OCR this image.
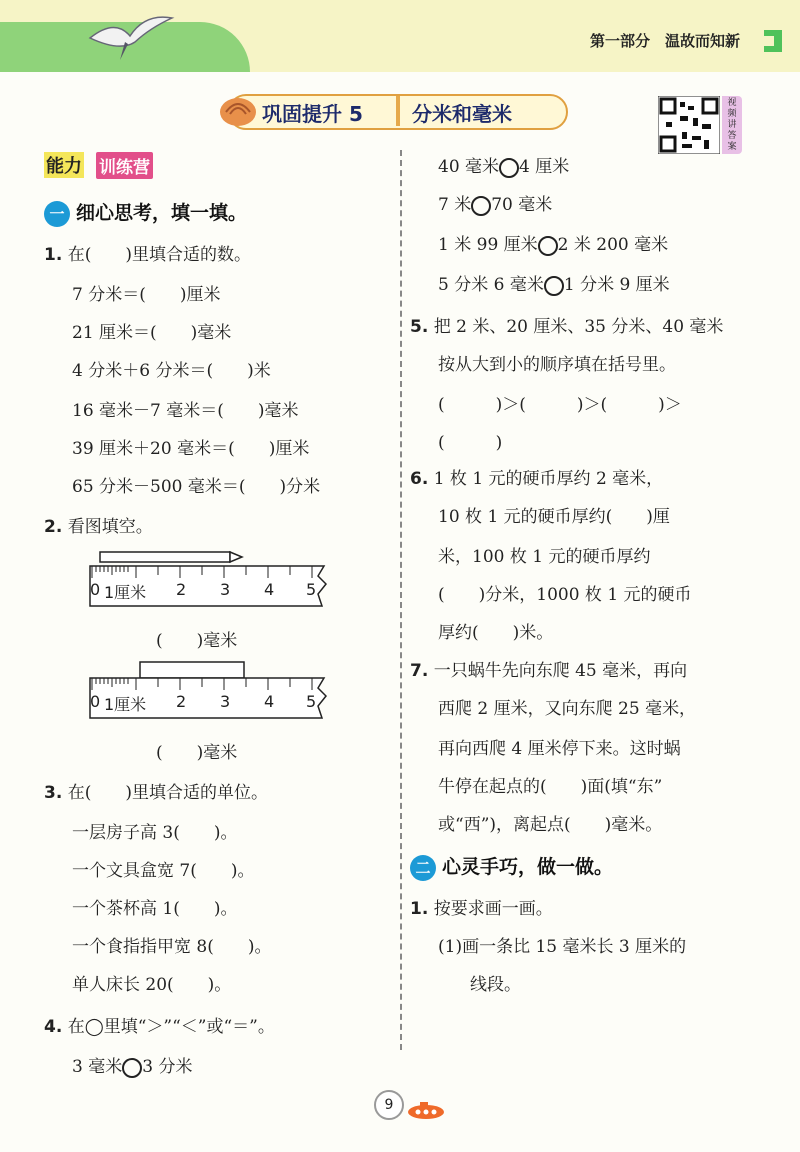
第一部分　温故而知新
巩固提升 5 分米和毫米	视
频
讲
答
案
能力 训练营
一 细心思考，填一填。
1. 在(　　)里填合适的数。
7 分米＝(　　)厘米
21 厘米＝(　　)毫米
4 分米＋6 分米＝(　　)米
16 毫米－7 毫米＝(　　)毫米
39 厘米＋20 毫米＝(　　)厘米
65 分米－500 毫米＝(　　)分米
2. 看图填空。
0 1厘米 2 3 4 5
(　　)毫米
0 1厘米 2 3 4 5
(　　)毫米
3. 在(　　)里填合适的单位。
一层房子高 3(　　)。
一个文具盒宽 7(　　)。
一个茶杯高 1(　　)。
一个食指指甲宽 8(　　)。
单人床长 20(　　)。
4. 在◯里填“＞”“＜”或“＝”。
3 毫米 3 分米
40 毫米 4 厘米
7 米 70 毫米
1 米 99 厘米 2 米 200 毫米
5 分米 6 毫米 1 分米 9 厘米
5. 把 2 米、20 厘米、35 分米、40 毫米
按从大到小的顺序填在括号里。
(　　　)＞(　　　)＞(　　　)＞
(　　　)
6. 1 枚 1 元的硬币厚约 2 毫米，
10 枚 1 元的硬币厚约(　　)厘
米，100 枚 1 元的硬币厚约
(　　)分米，1000 枚 1 元的硬币
厚约(　　)米。
7. 一只蜗牛先向东爬 45 毫米，再向
西爬 2 厘米，又向东爬 25 毫米，
再向西爬 4 厘米停下来。这时蜗
牛停在起点的(　　)面(填“东”
或“西”)，离起点(　　)毫米。
二 心灵手巧，做一做。
1. 按要求画一画。
(1)画一条比 15 毫米长 3 厘米的
线段。
9
